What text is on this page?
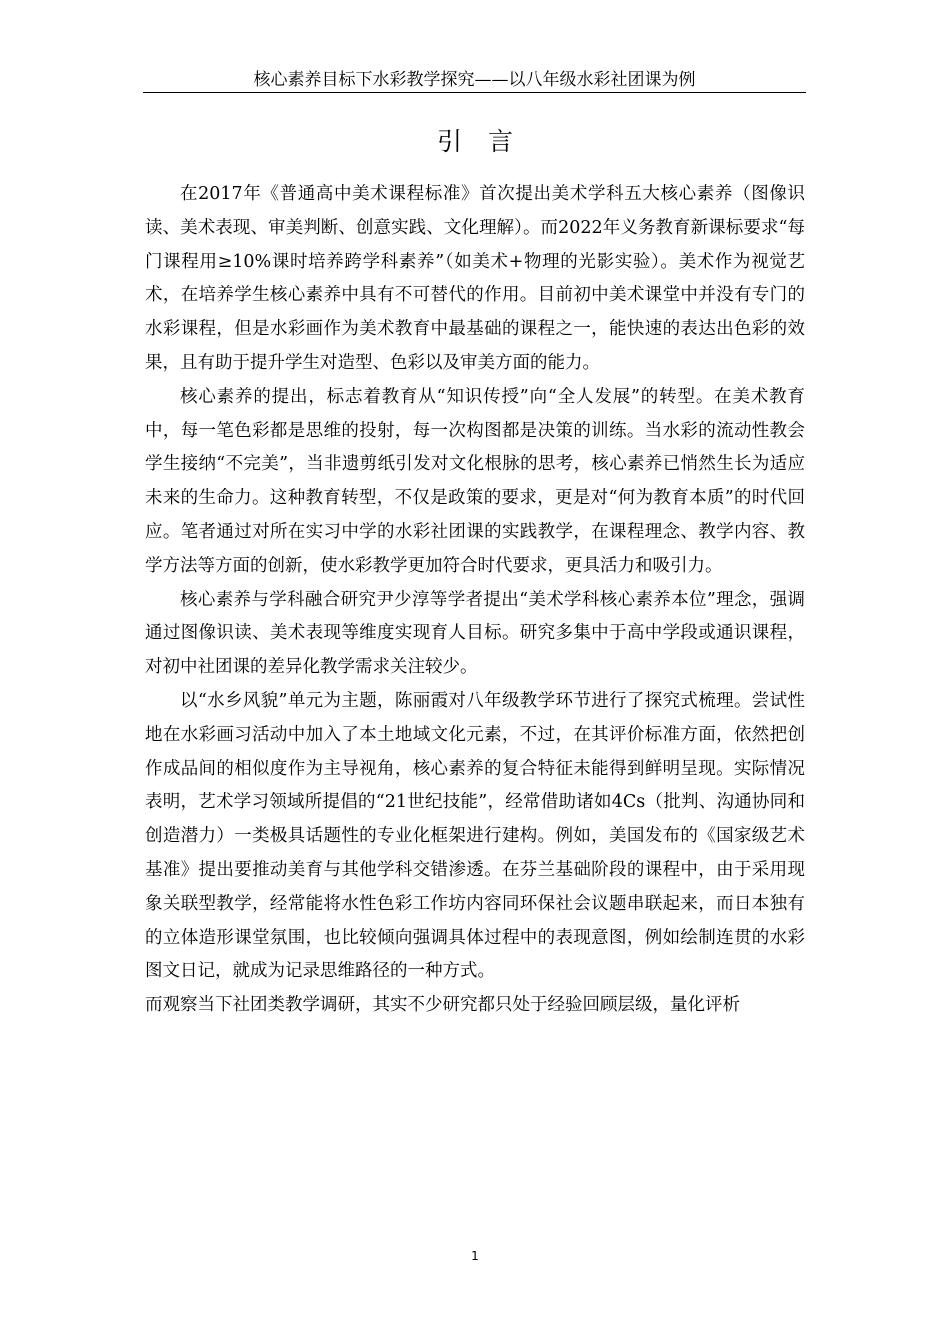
核心素养目标下水彩教学探究——以八年级水彩社团课为例
引 言

在2017年《普通高中美术课程标准》首次提出美术学科五大核心素养（图像识读、美术表现、审美判断、创意实践、文化理解）。而2022年义务教育新课标要求“每门课程用≥10%课时培养跨学科素养”（如美术+物理的光影实验）。美术作为视觉艺术，在培养学生核心素养中具有不可替代的作用。目前初中美术课堂中并没有专门的水彩课程，但是水彩画作为美术教育中最基础的课程之一，能快速的表达出色彩的效果，且有助于提升学生对造型、色彩以及审美方面的能力。

核心素养的提出，标志着教育从“知识传授”向“全人发展”的转型。在美术教育中，每一笔色彩都是思维的投射，每一次构图都是决策的训练。当水彩的流动性教会学生接纳“不完美”，当非遗剪纸引发对文化根脉的思考，核心素养已悄然生长为适应未来的生命力。这种教育转型，不仅是政策的要求，更是对“何为教育本质”的时代回应。笔者通过对所在实习中学的水彩社团课的实践教学，在课程理念、教学内容、教学方法等方面的创新，使水彩教学更加符合时代要求，更具活力和吸引力。

核心素养与学科融合研究尹少淳等学者提出“美术学科核心素养本位”理念，强调通过图像识读、美术表现等维度实现育人目标。研究多集中于高中学段或通识课程，对初中社团课的差异化教学需求关注较少。

以“水乡风貌”单元为主题，陈丽霞对八年级教学环节进行了探究式梳理。尝试性地在水彩画习活动中加入了本土地域文化元素，不过，在其评价标准方面，依然把创作成品间的相似度作为主导视角，核心素养的复合特征未能得到鲜明呈现。实际情况表明，艺术学习领域所提倡的“21世纪技能”，经常借助诸如4Cs（批判、沟通协同和创造潜力）一类极具话题性的专业化框架进行建构。例如，美国发布的《国家级艺术基准》提出要推动美育与其他学科交错渗透。在芬兰基础阶段的课程中，由于采用现象关联型教学，经常能将水性色彩工作坊内容同环保社会议题串联起来，而日本独有的立体造形课堂氛围，也比较倾向强调具体过程中的表现意图，例如绘制连贯的水彩图文日记，就成为记录思维路径的一种方式。

而观察当下社团类教学调研，其实不少研究都只处于经验回顾层级，量化评析

1
